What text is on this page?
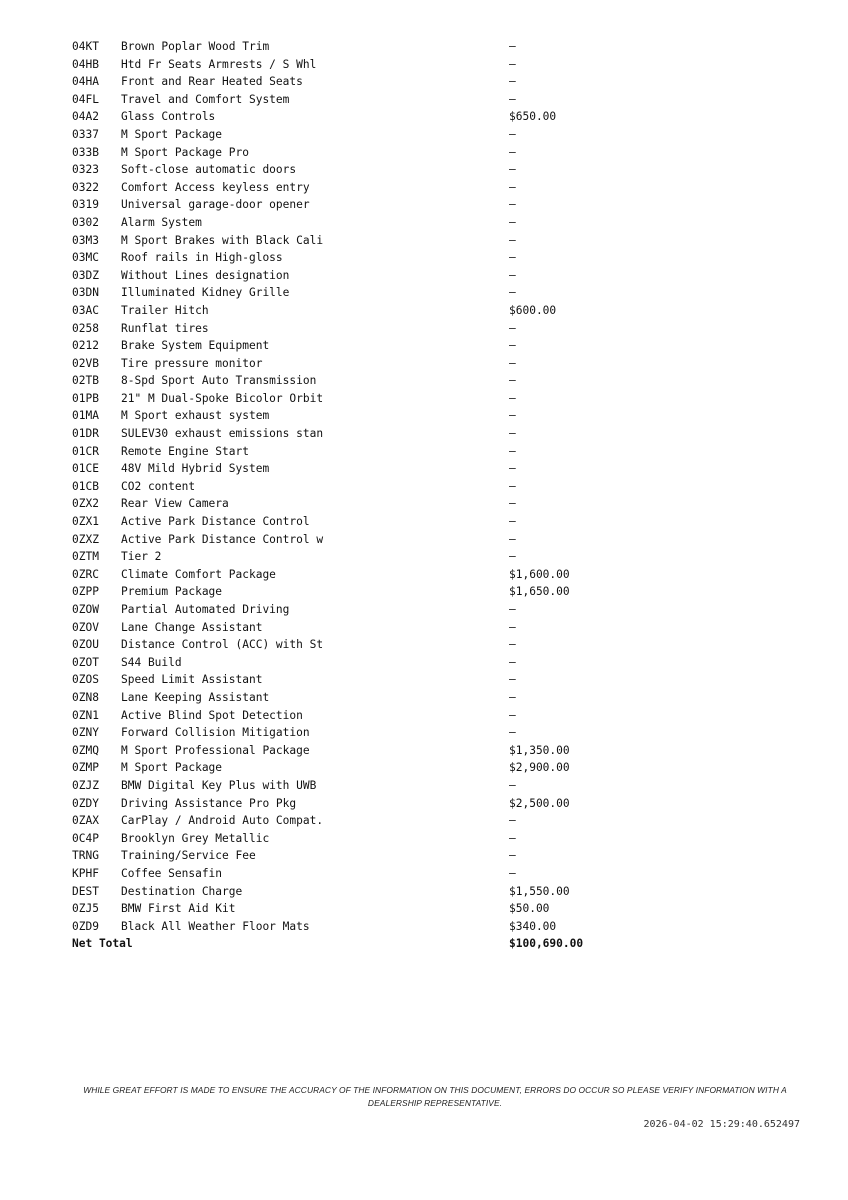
04KT Brown Poplar Wood Trim	—
04HB Htd Fr Seats Armrests / S Whl	—
04HA Front and Rear Heated Seats	—
04FL Travel and Comfort System	—
04A2 Glass Controls	$650.00
0337 M Sport Package	—
033B M Sport Package Pro	—
0323 Soft-close automatic doors	—
0322 Comfort Access keyless entry	—
0319 Universal garage-door opener	—
0302 Alarm System	—
03M3 M Sport Brakes with Black Cali	—
03MC Roof rails in High-gloss	—
03DZ Without Lines designation	—
03DN Illuminated Kidney Grille	—
03AC Trailer Hitch	$600.00
0258 Runflat tires	—
0212 Brake System Equipment	—
02VB Tire pressure monitor	—
02TB 8-Spd Sport Auto Transmission	—
01PB 21" M Dual-Spoke Bicolor Orbit	—
01MA M Sport exhaust system	—
01DR SULEV30 exhaust emissions stan	—
01CR Remote Engine Start	—
01CE 48V Mild Hybrid System	—
01CB CO2 content	—
0ZX2 Rear View Camera	—
0ZX1 Active Park Distance Control	—
0ZXZ Active Park Distance Control w	—
0ZTM Tier 2	—
0ZRC Climate Comfort Package	$1,600.00
0ZPP Premium Package	$1,650.00
0ZOW Partial Automated Driving	—
0ZOV Lane Change Assistant	—
0ZOU Distance Control (ACC) with St	—
0ZOT S44 Build	—
0ZOS Speed Limit Assistant	—
0ZN8 Lane Keeping Assistant	—
0ZN1 Active Blind Spot Detection	—
0ZNY Forward Collision Mitigation	—
0ZMQ M Sport Professional Package	$1,350.00
0ZMP M Sport Package	$2,900.00
0ZJZ BMW Digital Key Plus with UWB	—
0ZDY Driving Assistance Pro Pkg	$2,500.00
0ZAX CarPlay / Android Auto Compat.	—
0C4P Brooklyn Grey Metallic	—
TRNG Training/Service Fee	—
KPHF Coffee Sensafin	—
DEST Destination Charge	$1,550.00
0ZJ5 BMW First Aid Kit	$50.00
0ZD9 Black All Weather Floor Mats	$340.00
Net Total	$100,690.00
WHILE GREAT EFFORT IS MADE TO ENSURE THE ACCURACY OF THE INFORMATION ON THIS DOCUMENT, ERRORS DO OCCUR SO PLEASE VERIFY INFORMATION WITH A DEALERSHIP REPRESENTATIVE.
2026-04-02 15:29:40.652497
